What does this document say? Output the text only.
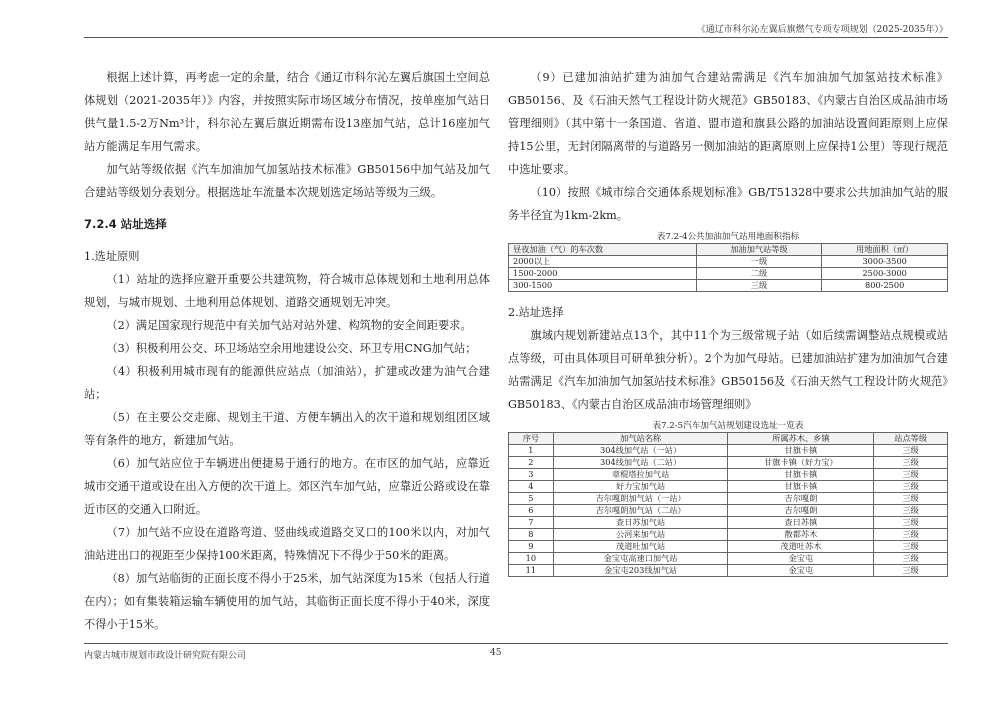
《通辽市科尔沁左翼后旗燃气专项专项规划（2025-2035年）》

根据上述计算，再考虑一定的余量，结合《通辽市科尔沁左翼后旗国土空间总体规划（2021-2035年）》内容，并按照实际市场区域分布情况，按单座加气站日供气量1.5-2万Nm³计，科尔沁左翼后旗近期需布设13座加气站，总计16座加气站方能满足车用气需求。

加气站等级依据《汽车加油加气加氢站技术标准》GB50156中加气站及加气合建站等级划分表划分。根据选址车流量本次规划选定场站等级为三级。

7.2.4 站址选择

1.选址原则

（1）站址的选择应避开重要公共建筑物，符合城市总体规划和土地利用总体规划，与城市规划、土地利用总体规划、道路交通规划无冲突。

（2）满足国家现行规范中有关加气站对站外建、构筑物的安全间距要求。

（3）积极利用公交、环卫场站空余用地建设公交、环卫专用CNG加气站；

（4）积极利用城市现有的能源供应站点（加油站），扩建或改建为油气合建站；

（5）在主要公交走廊、规划主干道、方便车辆出入的次干道和规划组团区域等有条件的地方，新建加气站。

（6）加气站应位于车辆进出便捷易于通行的地方。在市区的加气站，应靠近城市交通干道或设在出入方便的次干道上。郊区汽车加气站，应靠近公路或设在靠近市区的交通入口附近。

（7）加气站不应设在道路弯道、竖曲线或道路交叉口的100米以内，对加气油站进出口的视距至少保持100米距离，特殊情况下不得少于50米的距离。

（8）加气站临街的正面长度不得小于25米，加气站深度为15米（包括人行道在内）；如有集装箱运输车辆使用的加气站，其临街正面长度不得小于40米，深度不得小于15米。

（9）已建加油站扩建为油加气合建站需满足《汽车加油加气加氢站技术标准》GB50156、及《石油天然气工程设计防火规范》GB50183、《内蒙古自治区成品油市场管理细则》（其中第十一条国道、省道、盟市道和旗县公路的加油站设置间距原则上应保持15公里，无封闭隔离带的与道路另一侧加油站的距离原则上应保持1公里）等现行规范中选址要求。

（10）按照《城市综合交通体系规划标准》GB/T51328中要求公共加油加气站的服务半径宜为1km-2km。

表7.2-4公共加油加气站用地面积指标
昼夜加油（气）的车次数	加油加气站等级	用地面积（㎡）
2000以上	一级	3000-3500
1500-2000	二级	2500-3000
300-1500	三级	800-2500

2.站址选择

旗域内规划新建站点13个，其中11个为三级常规子站（如后续需调整站点规模或站点等级，可由具体项目可研单独分析）。2个为加气母站。已建加油站扩建为加油加气合建站需满足《汽车加油加气加氢站技术标准》GB50156及《石油天然气工程设计防火规范》GB50183、《内蒙古自治区成品油市场管理细则》

表7.2-5汽车加气站规划建设选址一览表
序号	加气站名称	所属苏木、乡镇	站点等级
1	304线加气站（一站）	甘旗卡镇	三级
2	304线加气站（二站）	甘旗卡镇（好力宝）	三级
3	章棍塔拉加气站	甘旗卡镇	三级
4	好力宝加气站	甘旗卡镇	三级
5	吉尔嘎朗加气站（一站）	吉尔嘎朗	三级
6	吉尔嘎朗加气站（二站）	吉尔嘎朗	三级
7	查日苏加气站	查日苏镇	三级
8	公河来加气站	散都苏木	三级
9	茂道吐加气站	茂道吐苏木	三级
10	金宝屯高速口加气站	金宝屯	三级
11	金宝屯203线加气站	金宝屯	三级
内蒙古城市规划市政设计研究院有限公司	45
